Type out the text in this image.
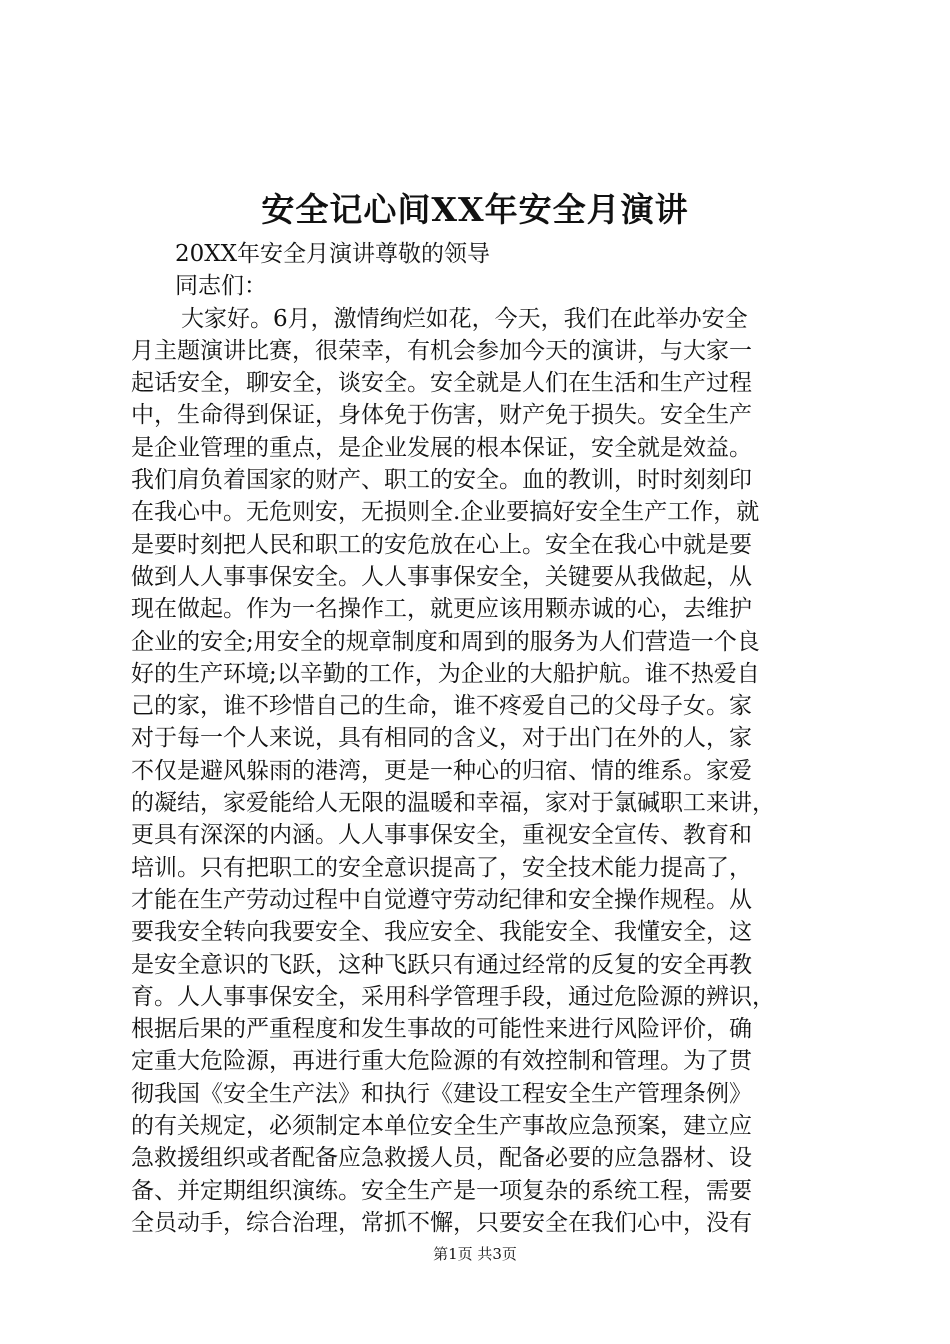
安全记心间XX年安全月演讲
20XX年安全月演讲尊敬的领导
同志们：
大家好。6月，激情绚烂如花，今天，我们在此举办安全
月主题演讲比赛，很荣幸，有机会参加今天的演讲，与大家一
起话安全，聊安全，谈安全。安全就是人们在生活和生产过程
中，生命得到保证，身体免于伤害，财产免于损失。安全生产
是企业管理的重点，是企业发展的根本保证，安全就是效益。
我们肩负着国家的财产、职工的安全。血的教训，时时刻刻印
在我心中。无危则安，无损则全.企业要搞好安全生产工作，就
是要时刻把人民和职工的安危放在心上。安全在我心中就是要
做到人人事事保安全。人人事事保安全，关键要从我做起，从
现在做起。作为一名操作工，就更应该用颗赤诚的心，去维护
企业的安全;用安全的规章制度和周到的服务为人们营造一个良
好的生产环境;以辛勤的工作，为企业的大船护航。谁不热爱自
己的家，谁不珍惜自己的生命，谁不疼爱自己的父母子女。家
对于每一个人来说，具有相同的含义，对于出门在外的人，家
不仅是避风躲雨的港湾，更是一种心的归宿、情的维系。家爱
的凝结，家爱能给人无限的温暖和幸福，家对于氯碱职工来讲，
更具有深深的内涵。人人事事保安全，重视安全宣传、教育和
培训。只有把职工的安全意识提高了，安全技术能力提高了，
才能在生产劳动过程中自觉遵守劳动纪律和安全操作规程。从
要我安全转向我要安全、我应安全、我能安全、我懂安全，这
是安全意识的飞跃，这种飞跃只有通过经常的反复的安全再教
育。人人事事保安全，采用科学管理手段，通过危险源的辨识，
根据后果的严重程度和发生事故的可能性来进行风险评价，确
定重大危险源，再进行重大危险源的有效控制和管理。为了贯
彻我国《安全生产法》和执行《建设工程安全生产管理条例》
的有关规定，必须制定本单位安全生产事故应急预案，建立应
急救援组织或者配备应急救援人员，配备必要的应急器材、设
备、并定期组织演练。安全生产是一项复杂的系统工程，需要
全员动手，综合治理，常抓不懈，只要安全在我们心中，没有
第1页 共3页
